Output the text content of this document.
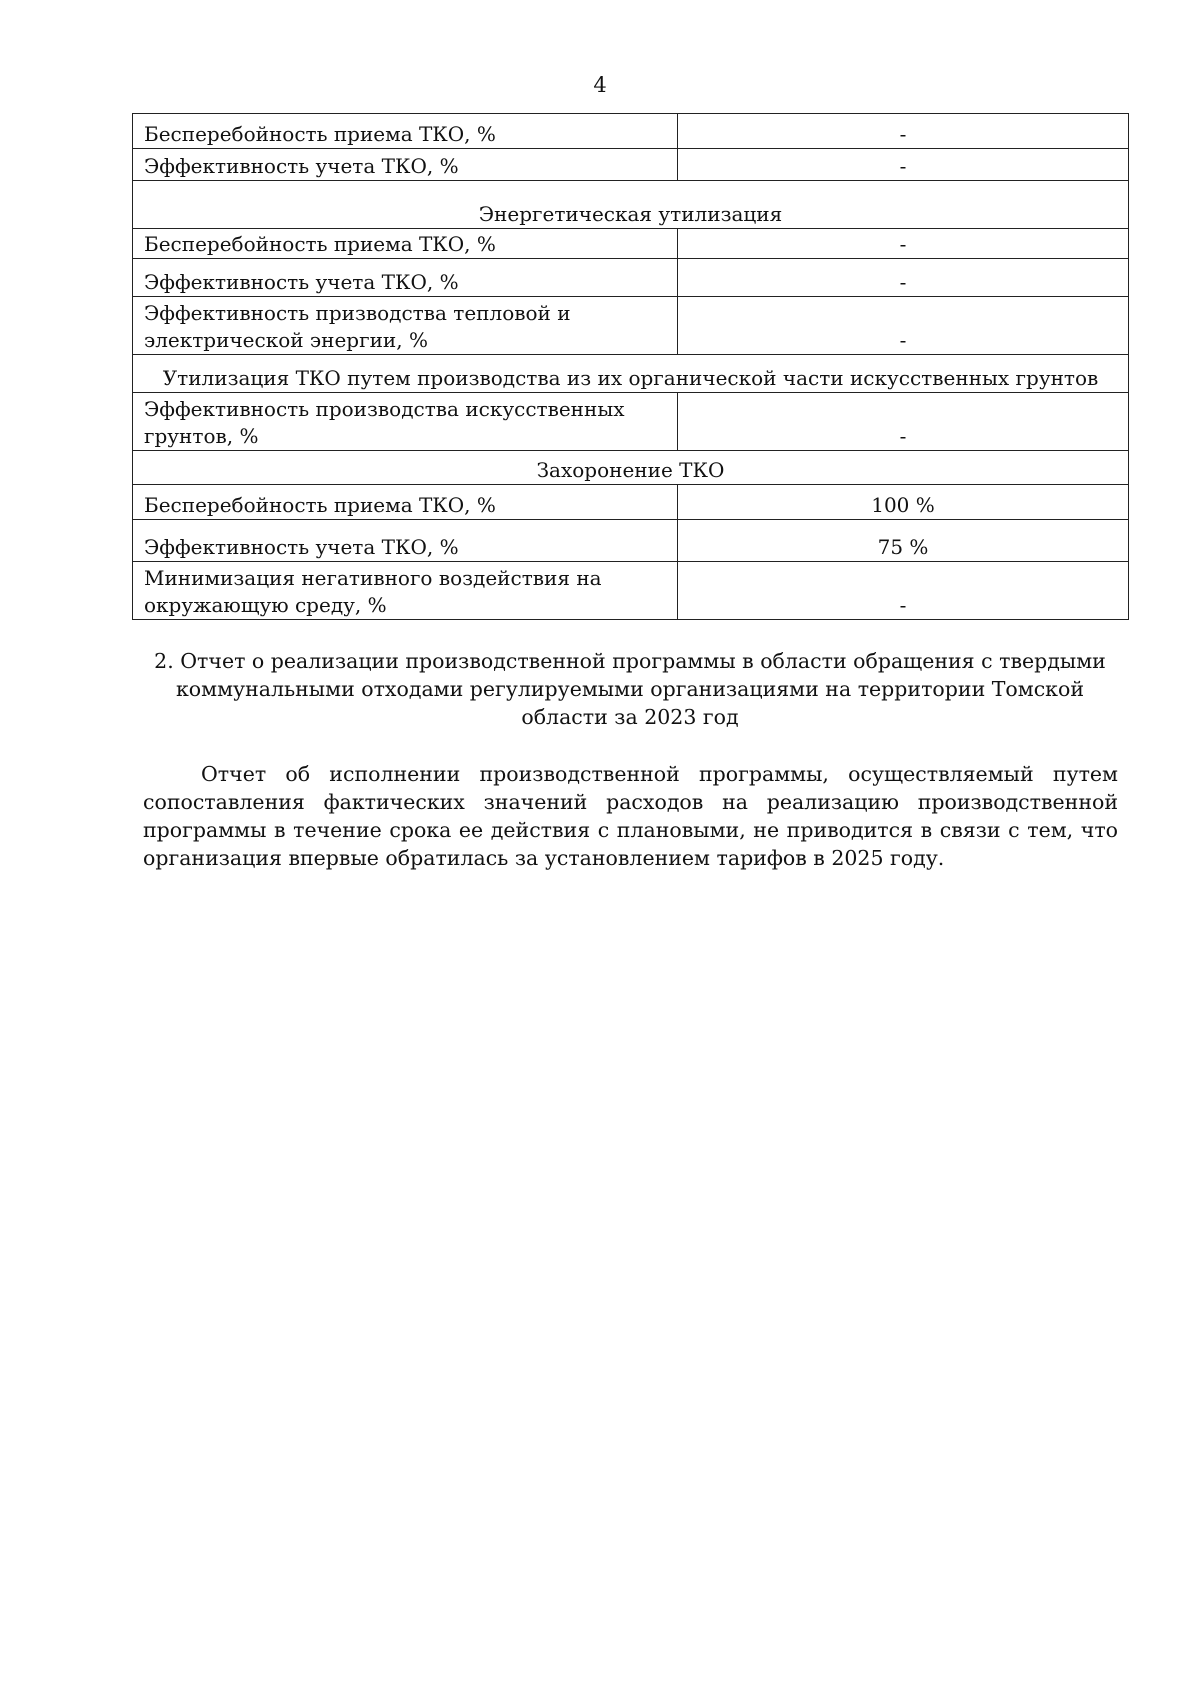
4
Бесперебойность приема ТКО, %	-
Эффективность учета ТКО, %	-
Энергетическая утилизация	
Бесперебойность приема ТКО, %	-
Эффективность учета ТКО, %	-
Эффективность призводства тепловой и электрической энергии, %	-
Утилизация ТКО путем производства из их органической части искусственных грунтов	
Эффективность производства искусственных грунтов, %	-
Захоронение ТКО	
Бесперебойность приема ТКО, %	100 %
Эффективность учета ТКО, %	75 %
Минимизация негативного воздействия на окружающую среду, %	-
2. Отчет о реализации производственной программы в области обращения с твердыми коммунальными отходами регулируемыми организациями на территории Томской области за 2023 год

Отчет об исполнении производственной программы, осуществляемый путем сопоставления фактических значений расходов на реализацию производственной программы в течение срока ее действия с плановыми, не приводится в связи с тем, что организация впервые обратилась за установлением тарифов в 2025 году.
